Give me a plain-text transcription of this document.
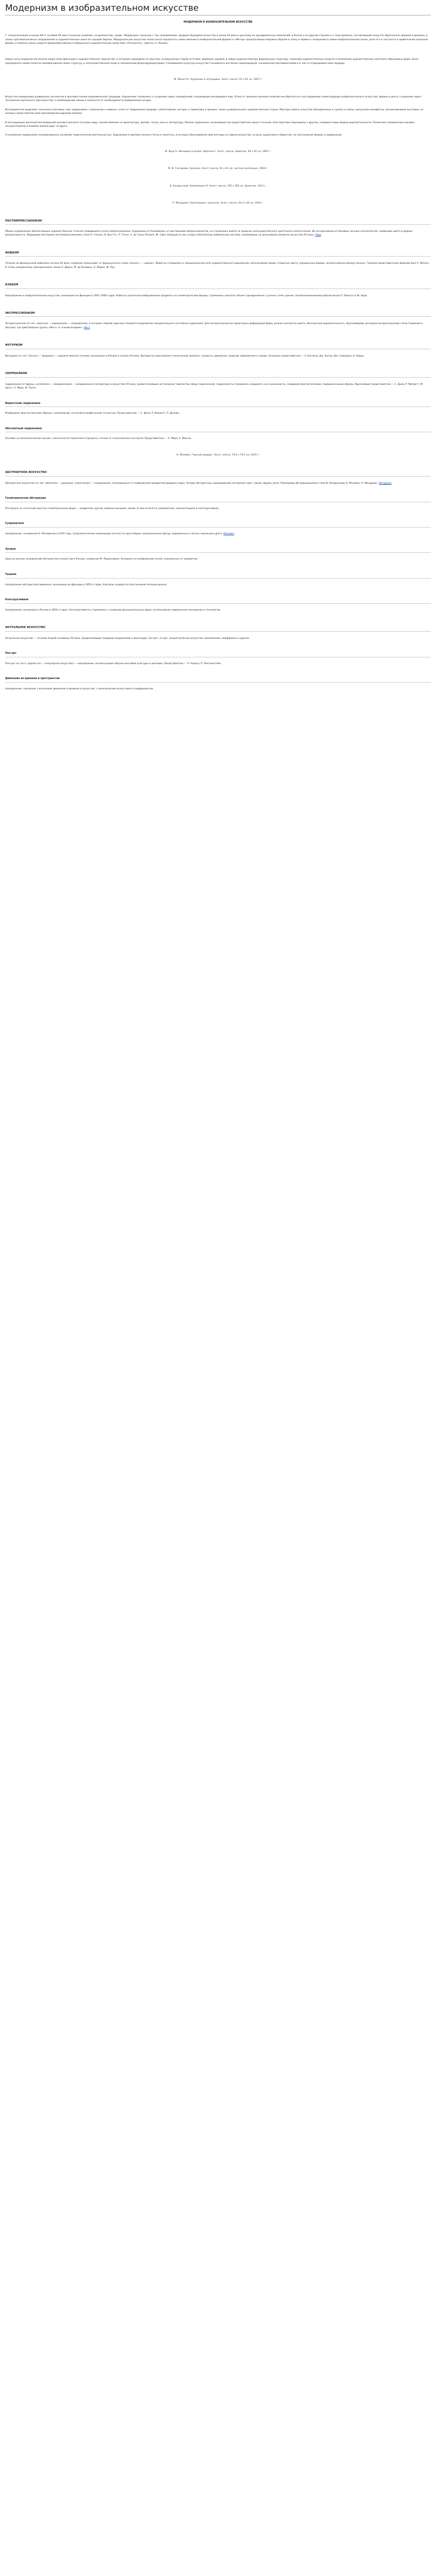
Модернизм в изобразительном искусстве
МОДЕРНИЗМ В ИЗОБРАЗИТЕЛЬНОМ ИСКУССТВЕ

Т. психологизации в конце XIX в. основой XX века получили название «соцреалистов» среди . Модернизм, поначалу с так называемыми, предшествующими искусству в конце XX века и русскому их одновременных изменений, в России и по другим странам и к тому времени, составляющие искусств обретенного формой и времени, в самых противоположных направлениях и художественных школ по городам Европы. Модернизм как искусство эпохи начал предлагать новое явление в изобразительной формах и «Метод» предлагающих мировых образов в эпоху и привел к отрицанию в новом изобразительном языке, дело его в частности и привлечения реальной формы, в поисках новых средств формообразования и обращения к выразительным средствам «Плоскости», «Цвета» и «Линии».

Новые силы модернистов искали новую свою фиксацию в художественном творчестве, к которому приходили за смыслом, и разрушения старой эстетики, формами, идеями, в новую художественную формальную структуру, поисками художественных средств и изменению художественных понятий и образцовых форм. Была предпринята новая попытка преобразования своих структур, в непосредственной среде в направлении фокусирующей форм. Сложившаяся культура искусства становилось все более неоднородной, насыщенной противоречиями и в чем-то отрицающей свою природу.

Ж. Мацетти. Художник и натурщица. Холст, масло, 91 х 81 см. 1907 г.

Искусство модернизма развивалось во многом в противостоянии академической традиции. Художники стремились к созданию новых направлений, отражающих меняющийся мир. Отказ от прежних канонов позволил им обратиться к исследованию самой природы изобразительного искусства, формы и цвета, к решению задач построения картинного пространства, к освобождению линии и плоскости от необходимости изображения натуры.

Исследователи выделяют несколько ключевых черт модернизма: стремление к новизне, отказ от подражания природе, субъективизм, интерес к примитиву и архаике, поиск универсального художественного языка. Мастера нового искусства объединялись в группы и союзы, выпускали манифесты, организовывали выставки, на которых представляли свои произведения широкой публике.

В последующие десятилетия модернизм распространился по всему миру, оказав влияние на архитектуру, дизайн, театр, кино и литературу. Многие художники, начинавшие как представители одного течения, впоследствии переходили к другим, создавая новые формы выразительности. Различные направления нередко сосуществовали и взаимно влияли друг на друга.

Становление модернизма сопровождалось активной теоретической деятельностью. Художники и критики писали статьи и трактаты, в которых обосновывали свои взгляды на задачи искусства, на роль художника в обществе, на соотношение формы и содержания.

Ф. Фушта. Женщина в шляпе. Фрагмент. Холст, масло. Эрмитаж, 60 х 50 см, 1905 г.
М. Ф. Гончарова. Купание. Холст, масло, 91 х 81 см, частная коллекция, 1906 г.
В. Кандинский. Композиция VI. Холст, масло, 195 х 300 см, Эрмитаж, 1913 г.
П. Мондриан. Композиция с красным. Холст, масло, 40,3 х 45 см, 1935 г.
ПОСТИМПРЕССИОНИЗМ

Общее определение обозначающее художественные течения появившиеся после импрессионизма. Художники отталкивались от достижений импрессионистов, но стремились выйти за пределы непосредственного зрительного впечатления. Их интересовали устойчивые, вечные начала бытия, символика цвета и формы, декоративность. Ведущими мастерами постимпрессионизма стали П. Сезанн, В. Ван Гог, П. Гоген, А. де Тулуз-Лотрек, Ж. Сёра. Каждый из них создал собственную живописную систему, повлиявшую на дальнейшее развитие искусства XX века. Сёра

ФОВИЗМ

Течение во французской живописи начала XX века. Название происходит от французского слова «fauves» — «дикие». Фовисты стремились к эмоциональной силе художественного выражения, использовали яркие, открытые цвета, упрощенные формы, экспрессивную манеру письма. Главным представителем фовизма был А. Матисс. К этому направлению принадлежали также А. Дерен, М. де Вламинк, А. Марке, Ж. Руо.

КУБИЗМ

Направление в изобразительном искусстве, возникшее во Франции в 1907–1908 годах. Кубисты разлагали изображаемые предметы на геометрические формы, стремились показать объект одновременно с разных точек зрения. Основоположниками кубизма были П. Пикассо и Ж. Брак.

ЭКСПРЕССИОНИЗМ

Экспрессионизм (от лат. expressio — выражение) — направление, в котором главной задачей становится выражение эмоционального состояния художника. Для экспрессионистов характерны деформация форм, резкие контрасты цвета, обостренная выразительность. Крупнейшими центрами экспрессионизма стали Германия и Австрия, где действовали группы «Мост» и «Синий всадник». Мост

ФУТУРИЗМ

Футуризм (от лат. futurum — будущее) — художественное течение, возникшее в Италии в начале XX века. Футуристы прославляли технический прогресс, скорость, движение, энергию современного города. Основные представители — У. Боччони, Дж. Балла, Дж. Северини, К. Карра.

СЮРРЕАЛИЗМ

Сюрреализм (от франц. surréalisme — сверхреализм) — направление в литературе и искусстве XX века, провозгласившее источником творчества сферу подсознания. Сюрреалисты стремились соединить сон и реальность, создавали фантастические, парадоксальные образы. Крупнейшие представители — С. Дали, Р. Магритт, М. Эрнст, Х. Миро, И. Танги.

Веристский сюрреализм

Изображает фантастические образы с иллюзорной, почти фотографической точностью. Представители — С. Дали, Р. Магритт, П. Дельво.

Абсолютный сюрреализм

Основан на автоматическом письме, спонтанности творческого процесса, отказе от сознательного контроля. Представители — Х. Миро, А. Массон.

К. Малевич. Черный квадрат. Холст, масло, 79,5 х 79,5 см, 1915 г.
АБСТРАКТНОЕ ИСКУССТВО

Абстрактное искусство (от лат. abstractio — удаление, отвлечение) — направление, отказавшееся от изображения предметов видимого мира. Основу абстрактных произведений составляют цвет, линия, форма, ритм. Пионерами абстракционизма стали В. Кандинский, К. Малевич, П. Мондриан. Мондриан

Геометрическая абстракция

Построена на сочетании простых геометрических форм — квадратов, кругов, прямоугольников, линий. К ней относятся супрематизм, неопластицизм и конструктивизм.

Супрематизм

Направление, основанное К. Малевичем в 1915 году. Супрематические композиции состоят из простейших геометрических фигур, окрашенных в чистые локальные цвета. Малевич

Лучизм

Одно из ранних направлений абстрактного искусства в России, созданное М. Ларионовым. Основано на изображении лучей, отраженных от предметов.

Ташизм

Направление абстрактной живописи, возникшее во Франции в 1950-х годах. Картины создаются спонтанными пятнами краски.

Конструктивизм

Направление, возникшее в России в 1920-х годах. Конструктивисты стремились к созданию функциональных форм, использовали современные материалы и технологии.

АКТУАЛЬНОЕ ИСКУССТВО

Актуальное искусство — течения второй половины XX века, продолжающие традиции модернизма и авангарда: поп-арт, оп-арт, концептуальное искусство, минимализм, перформанс и другие.

Поп-арт

Поп-арт (от англ. popular art — популярное искусство) — направление, использующее образы массовой культуры и рекламы. Представители — Э. Уорхол, Р. Лихтенштейн.

Движение во времени и пространстве

Направление, связанное с изучением движения и времени в искусстве, с кинетическим искусством и перформансом.
